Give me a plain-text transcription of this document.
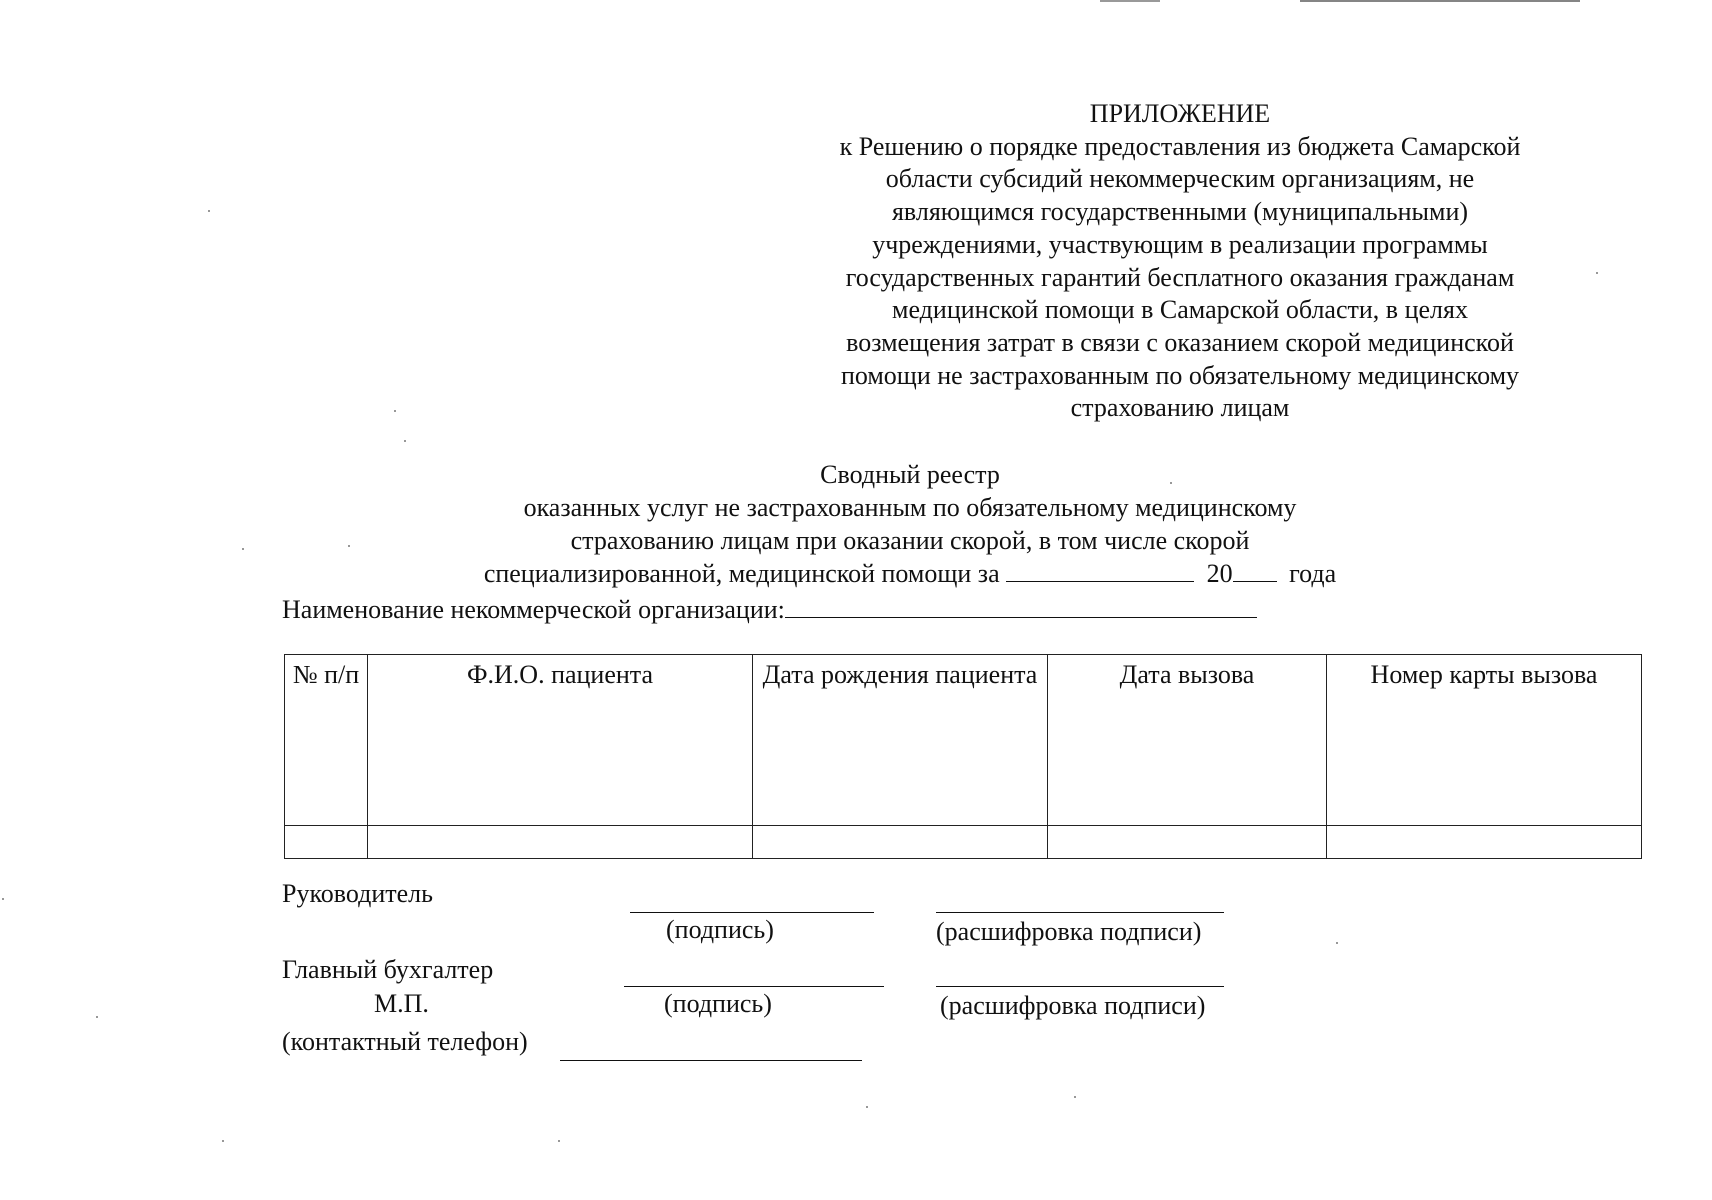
ПРИЛОЖЕНИЕ
к Решению о порядке предоставления из бюджета Самарской
области субсидий некоммерческим организациям, не
являющимся государственными (муниципальными)
учреждениями, участвующим в реализации программы
государственных гарантий бесплатного оказания гражданам
медицинской помощи в Самарской области, в целях
возмещения затрат в связи с оказанием скорой медицинской
помощи не застрахованным по обязательному медицинскому
страхованию лицам
Сводный реестр
оказанных услуг не застрахованным по обязательному медицинскому
страхованию лицам при оказании скорой, в том числе скорой
специализированной, медицинской помощи за	20 года
Наименование некоммерческой организации:
№ п/п	Ф.И.О. пациента	Дата рождения пациента	Дата вызова	Номер карты вызова

Руководитель
(подпись)	(расшифровка подписи)
Главный бухгалтер
М.П.	(подпись)	(расшифровка подписи)
(контактный телефон)
